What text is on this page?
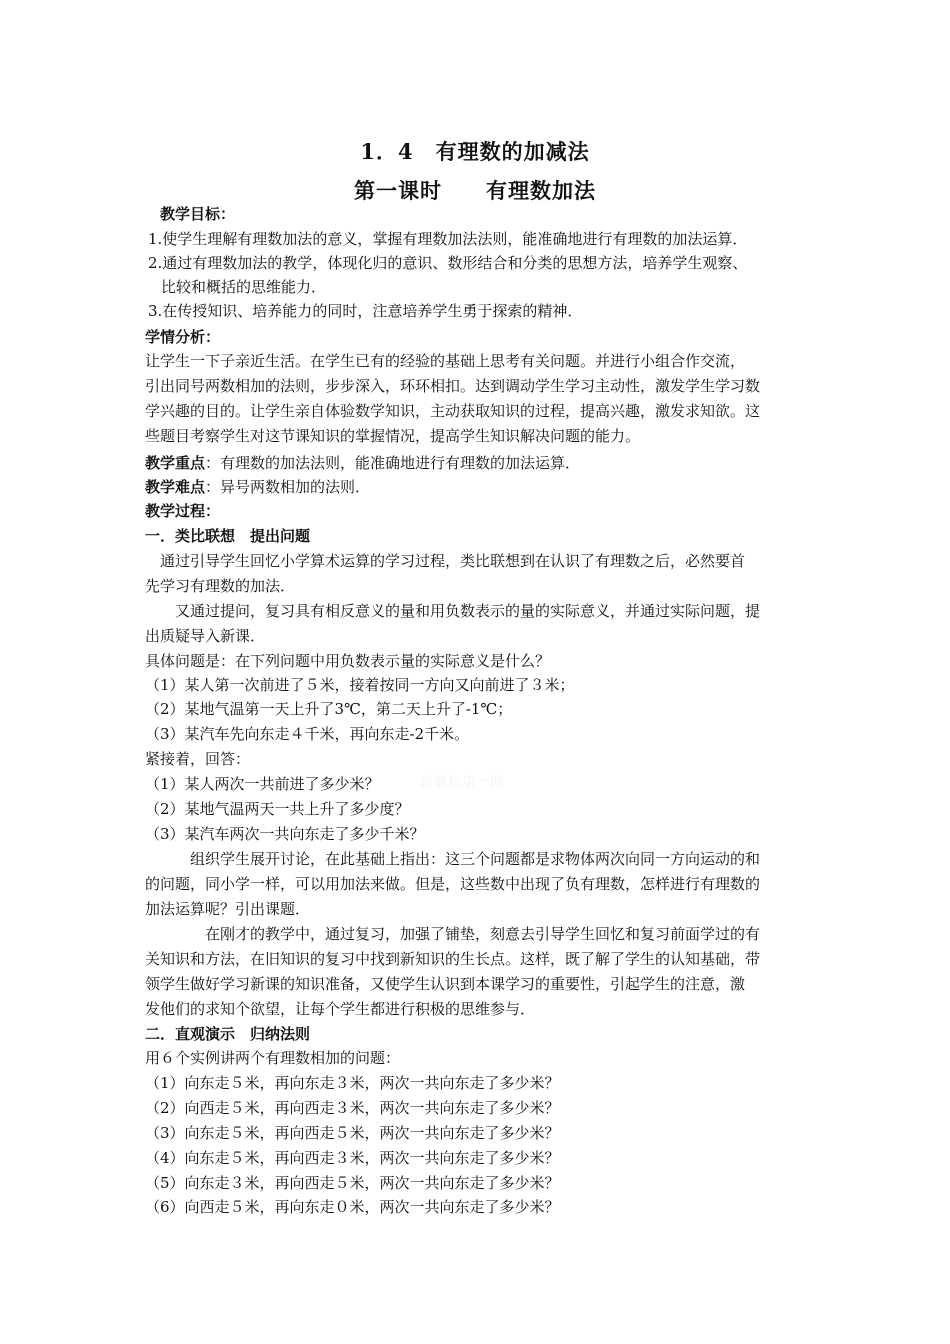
1．4　有理数的加减法
第一课时　　有理数加法
教学目标：
1.使学生理解有理数加法的意义，掌握有理数加法法则，能准确地进行有理数的加法运算．
2.通过有理数加法的教学，体现化归的意识、数形结合和分类的思想方法，培养学生观察、
比较和概括的思维能力．
3.在传授知识、培养能力的同时，注意培养学生勇于探索的精神．
学情分析：
让学生一下子亲近生活。在学生已有的经验的基础上思考有关问题。并进行小组合作交流，
引出同号两数相加的法则，步步深入，环环相扣。达到调动学生学习主动性，激发学生学习数
学兴趣的目的。让学生亲自体验数学知识，主动获取知识的过程，提高兴趣，激发求知欲。这
些题目考察学生对这节课知识的掌握情况，提高学生知识解决问题的能力。
教学重点：有理数的加法法则，能准确地进行有理数的加法运算．
教学难点：异号两数相加的法则．
教学过程：
一．类比联想　提出问题
　通过引导学生回忆小学算术运算的学习过程，类比联想到在认识了有理数之后，必然要首
先学习有理数的加法．
　　又通过提问，复习具有相反意义的量和用负数表示的量的实际意义，并通过实际问题，提
出质疑导入新课．
具体问题是：在下列问题中用负数表示量的实际意义是什么？
（1）某人第一次前进了５米，接着按同一方向又向前进了３米；
（2）某地气温第一天上升了3℃，第二天上升了-1℃；
（3）某汽车先向东走４千米，再向东走-2千米。
紧接着，回答：
（1）某人两次一共前进了多少米？
（2）某地气温两天一共上升了多少度？
（3）某汽车两次一共向东走了多少千米？
新课标第一网
　　　组织学生展开讨论，在此基础上指出：这三个问题都是求物体两次向同一方向运动的和
的问题，同小学一样，可以用加法来做。但是，这些数中出现了负有理数，怎样进行有理数的
加法运算呢？引出课题．
　　　　在刚才的教学中，通过复习，加强了铺垫，刻意去引导学生回忆和复习前面学过的有
关知识和方法，在旧知识的复习中找到新知识的生长点。这样，既了解了学生的认知基础，带
领学生做好学习新课的知识准备，又使学生认识到本课学习的重要性，引起学生的注意，激
发他们的求知个欲望，让每个学生都进行积极的思维参与．
二．直观演示　归纳法则
用６个实例讲两个有理数相加的问题：
（1）向东走５米，再向东走３米，两次一共向东走了多少米？
（2）向西走５米，再向西走３米，两次一共向东走了多少米？
（3）向东走５米，再向西走５米，两次一共向东走了多少米？
（4）向东走５米，再向西走３米，两次一共向东走了多少米？
（5）向东走３米，再向西走５米，两次一共向东走了多少米？
（6）向西走５米，再向东走０米，两次一共向东走了多少米？
